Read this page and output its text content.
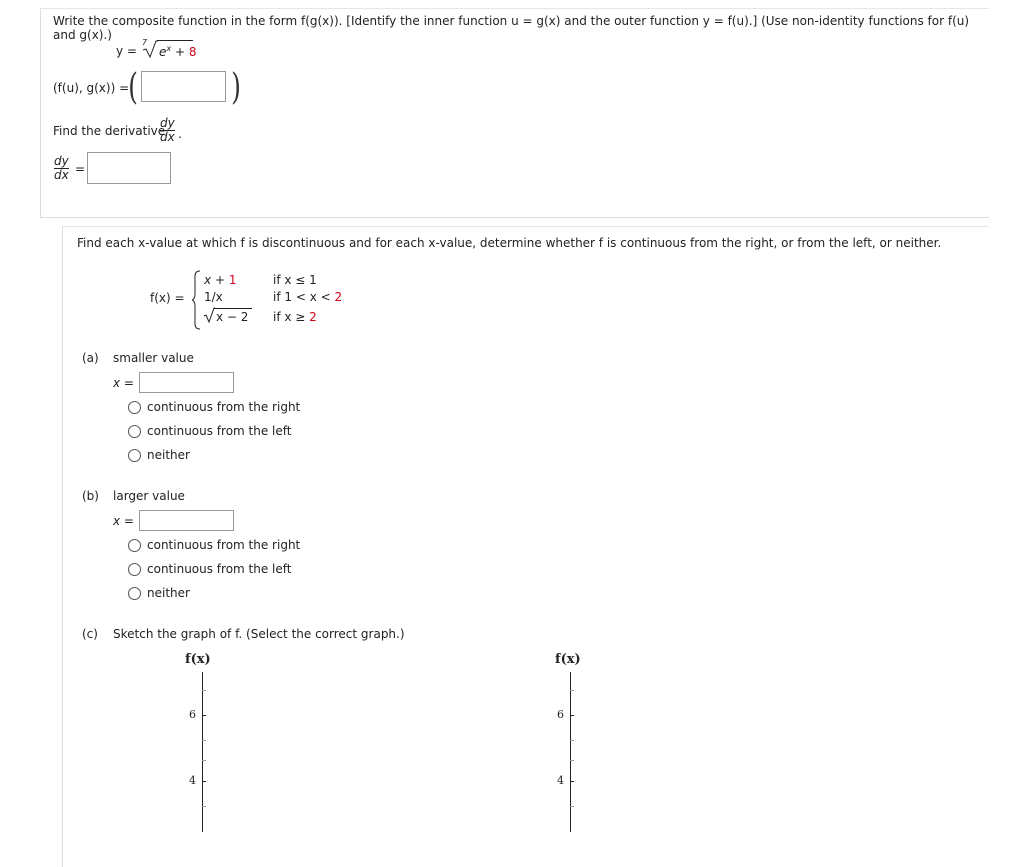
Write the composite function in the form f(g(x)). [Identify the inner function u = g(x) and the outer function y = f(u).] (Use non-identity functions for f(u) and g(x).)
y =
7
$e^x + 8$
(f(u), g(x)) =
(	)
Find the derivative
dy
dx .
dy
dx =
Find each x-value at which f is discontinuous and for each x-value, determine whether f is continuous from the right, or from the left, or neither.
f(x) =
x + 1	if x ≤ 1
1/x	if 1 < x < 2
x − 2 if x ≥ 2
(a) smaller value
x =
continuous from the right
continuous from the left
neither
(b) larger value
x =
continuous from the right
continuous from the left
neither
(c) Sketch the graph of f. (Select the correct graph.)
f(x)
6
4
f(x)
6
4
